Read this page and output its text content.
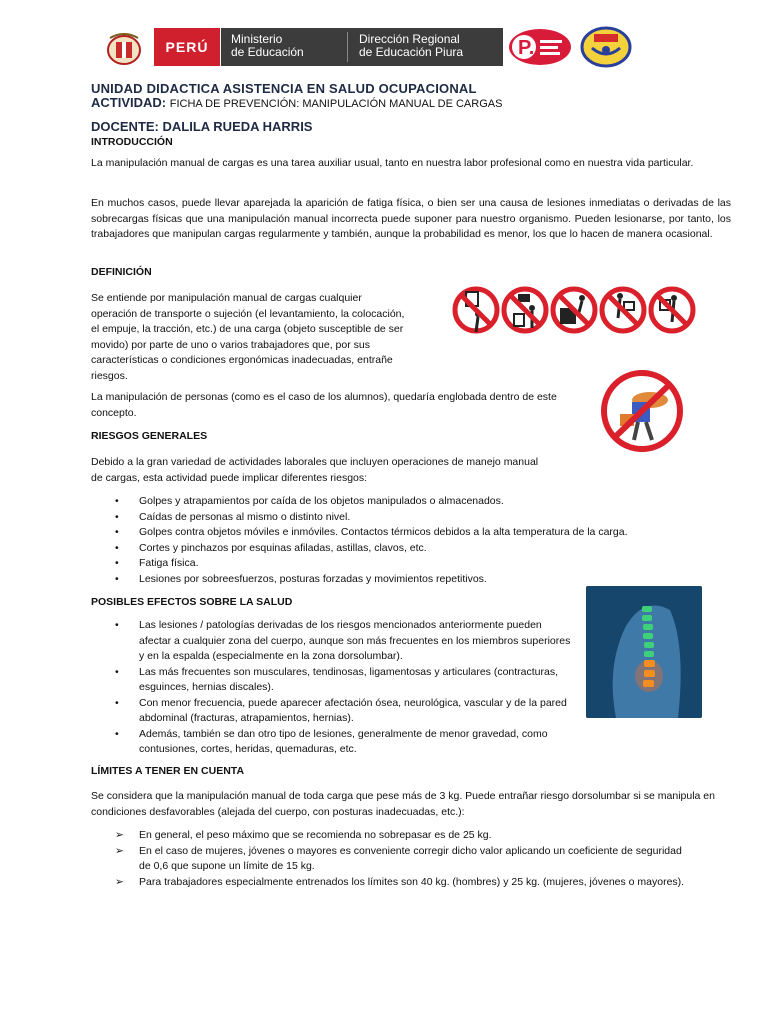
PERÚ	Ministerio
de Educación
Dirección Regional
de Educación Piura	P.
UNIDAD DIDACTICA ASISTENCIA EN SALUD OCUPACIONAL
ACTIVIDAD: FICHA DE PREVENCIÓN: MANIPULACIÓN MANUAL DE CARGAS
DOCENTE: DALILA RUEDA HARRIS
INTRODUCCIÓN
La manipulación manual de cargas es una tarea auxiliar usual, tanto en nuestra labor profesional como en nuestra vida particular.
En muchos casos, puede llevar aparejada la aparición de fatiga física, o bien ser una causa de lesiones inmediatas o derivadas de las sobrecargas físicas que una manipulación manual incorrecta puede suponer para nuestro organismo. Pueden lesionarse, por tanto, los trabajadores que manipulan cargas regularmente y también, aunque la probabilidad es menor, los que lo hacen de manera ocasional.
DEFINICIÓN
Se entiende por manipulación manual de cargas cualquier operación de transporte o sujeción (el levantamiento, la colocación, el empuje, la tracción, etc.) de una carga (objeto susceptible de ser movido) por parte de uno o varios trabajadores que, por sus características o condiciones ergonómicas inadecuadas, entrañe riesgos.
La manipulación de personas (como es el caso de los alumnos), quedaría englobada dentro de este concepto.
RIESGOS GENERALES
Debido a la gran variedad de actividades laborales que incluyen operaciones de manejo manual de cargas, esta actividad puede implicar diferentes riesgos:
• Golpes y atrapamientos por caída de los objetos manipulados o almacenados.
• Caídas de personas al mismo o distinto nivel.
• Golpes contra objetos móviles e inmóviles. Contactos térmicos debidos a la alta temperatura de la carga.
• Cortes y pinchazos por esquinas afiladas, astillas, clavos, etc.
• Fatiga física.
• Lesiones por sobreesfuerzos, posturas forzadas y movimientos repetitivos.
POSIBLES EFECTOS SOBRE LA SALUD
• Las lesiones / patologías derivadas de los riesgos mencionados anteriormente pueden afectar a cualquier zona del cuerpo, aunque son más frecuentes en los miembros superiores y en la espalda (especialmente en la zona dorsolumbar).
• Las más frecuentes son musculares, tendinosas, ligamentosas y articulares (contracturas, esguinces, hernias discales).
• Con menor frecuencia, puede aparecer afectación ósea, neurológica, vascular y de la pared abdominal (fracturas, atrapamientos, hernias).
• Además, también se dan otro tipo de lesiones, generalmente de menor gravedad, como contusiones, cortes, heridas, quemaduras, etc.
LÍMITES A TENER EN CUENTA
Se considera que la manipulación manual de toda carga que pese más de 3 kg. Puede entrañar riesgo dorsolumbar si se manipula en condiciones desfavorables (alejada del cuerpo, con posturas inadecuadas, etc.):
➢ En general, el peso máximo que se recomienda no sobrepasar es de 25 kg.
➢ En el caso de mujeres, jóvenes o mayores es conveniente corregir dicho valor aplicando un coeficiente de seguridad de 0,6 que supone un límite de 15 kg.
➢ Para trabajadores especialmente entrenados los límites son 40 kg. (hombres) y 25 kg. (mujeres, jóvenes o mayores).
